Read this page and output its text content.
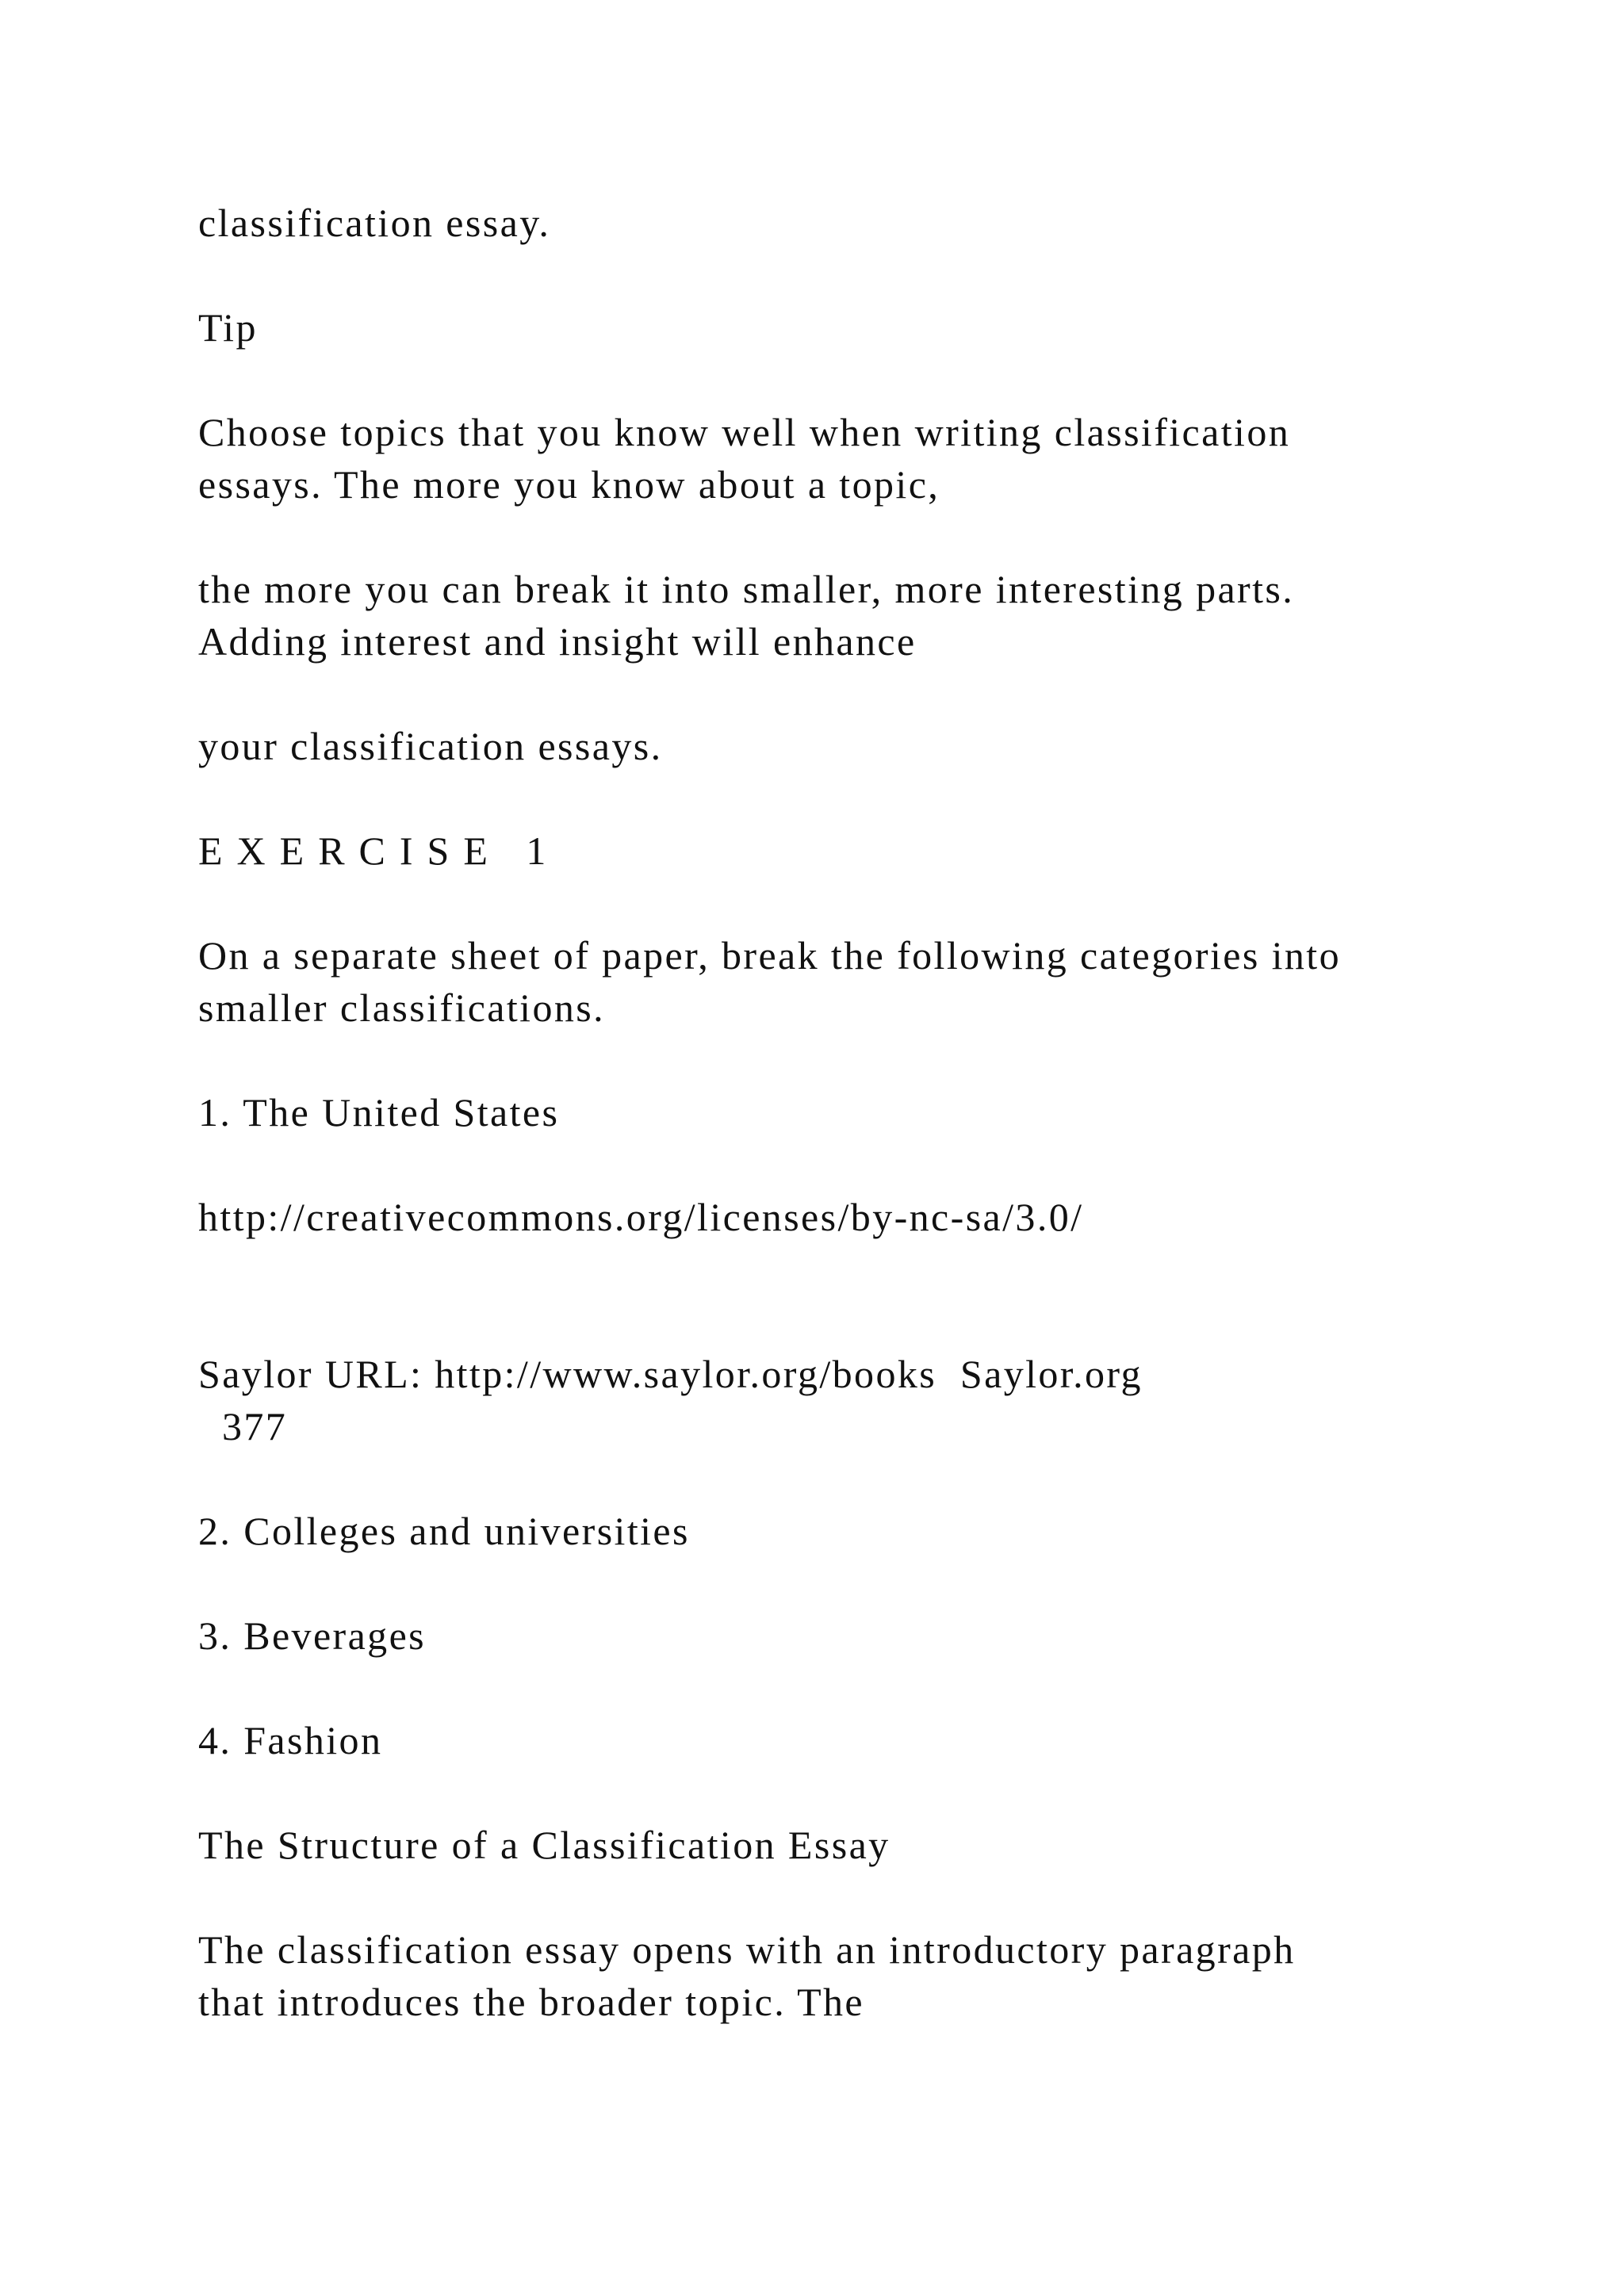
classification essay.

Tip

Choose topics that you know well when writing classification
essays. The more you know about a topic,

the more you can break it into smaller, more interesting parts.
Adding interest and insight will enhance

your classification essays.

EXERCISE 1

On a separate sheet of paper, break the following categories into
smaller classifications.

1. The United States

http://creativecommons.org/licenses/by-nc-sa/3.0/

Saylor URL: http://www.saylor.org/books  Saylor.org
377

2. Colleges and universities

3. Beverages

4. Fashion

The Structure of a Classification Essay

The classification essay opens with an introductory paragraph
that introduces the broader topic. The
